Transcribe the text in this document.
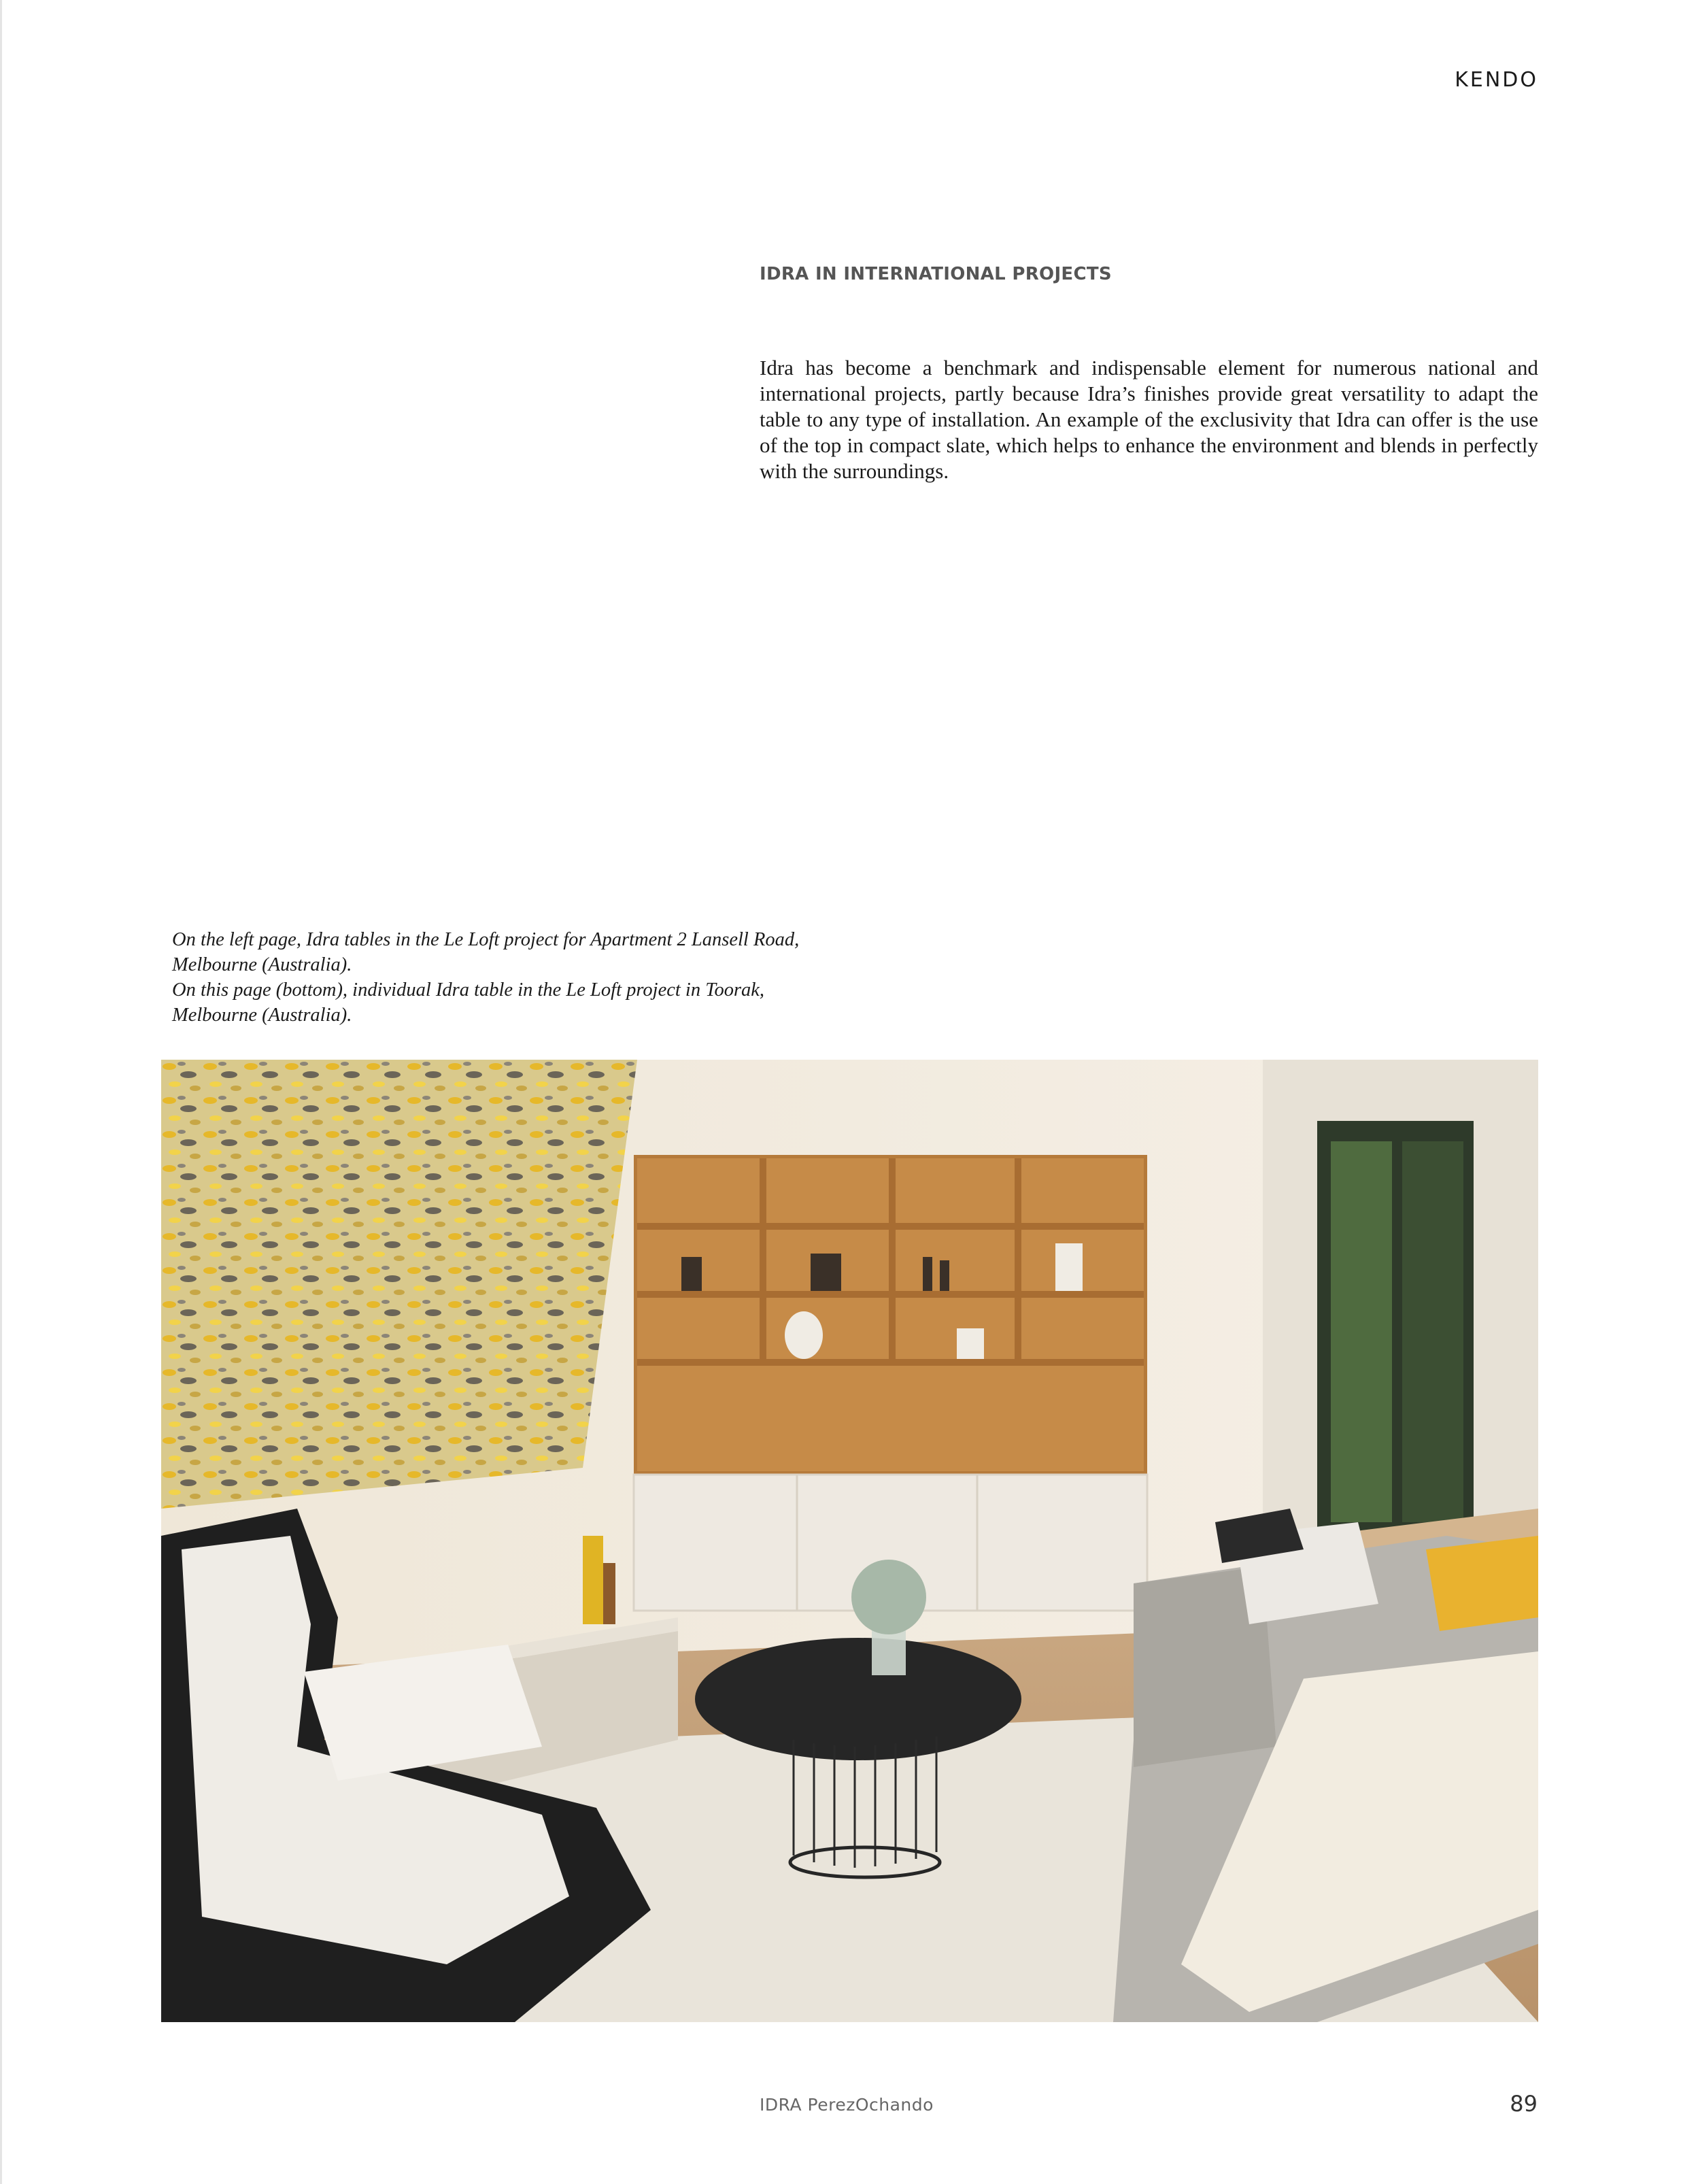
KENDO
IDRA IN INTERNATIONAL PROJECTS

Idra has become a benchmark and indispensable element for numerous national and international projects, partly because Idra’s finishes provide great versatility to adapt the table to any type of installation. An example of the exclusivity that Idra can offer is the use of the top in compact slate, which helps to enhance the environment and blends in perfectly with the surroundings.

On the left page, Idra tables in the Le Loft project for Apartment 2 Lansell Road,
Melbourne (Australia).
On this page (bottom), individual Idra table in the Le Loft project in Toorak,
Melbourne (Australia).
IDRA PerezOchando	89
